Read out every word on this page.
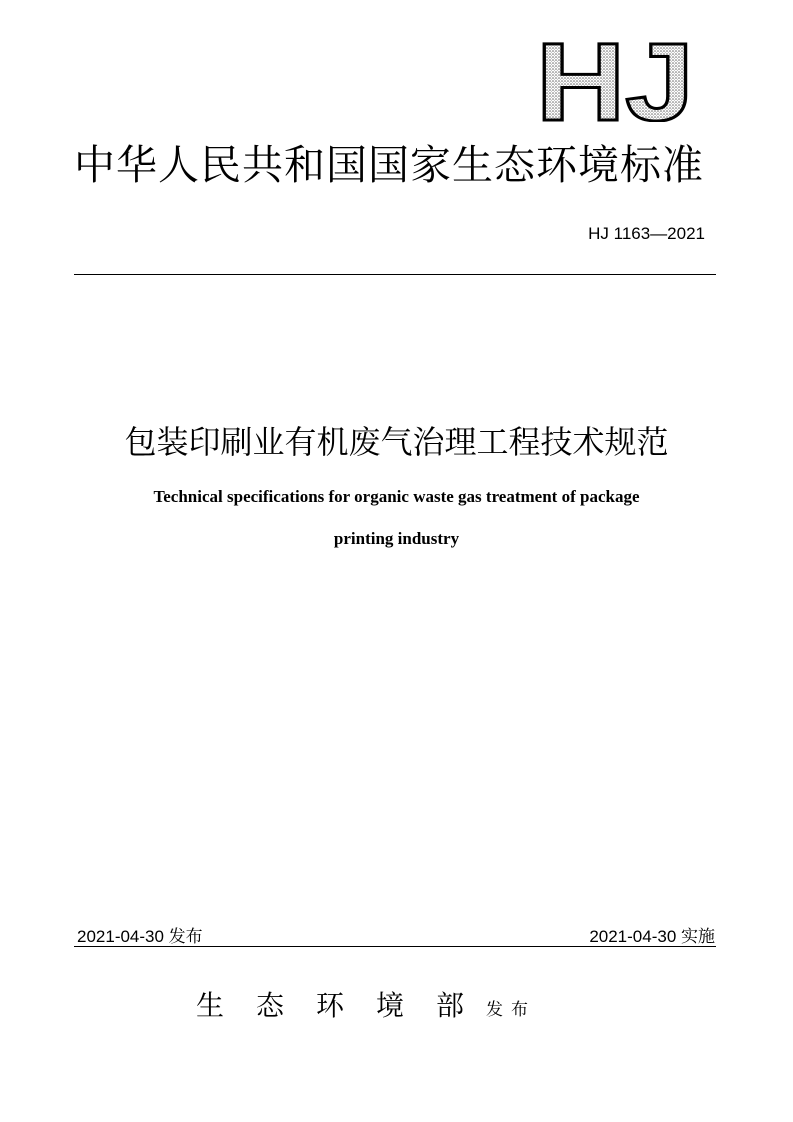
HJ
中华人民共和国国家生态环境标准
HJ 1163—2021
包装印刷业有机废气治理工程技术规范
Technical specifications for organic waste gas treatment of package
printing industry
2021-04-30 发布	2021-04-30 实施
生态环境部发布
